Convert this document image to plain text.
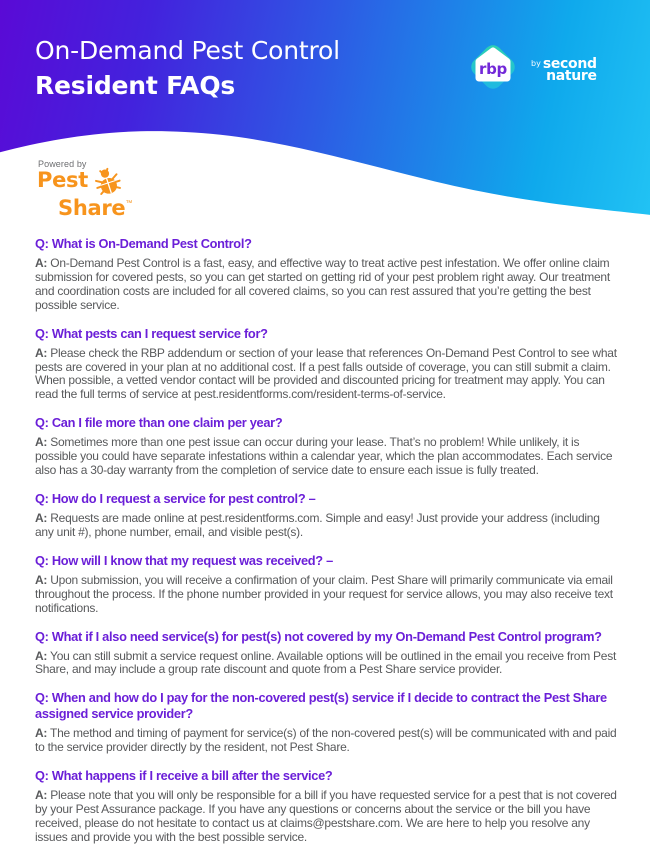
On-Demand Pest Control
Resident FAQs
rbp	by second
nature
Powered by
Pest
Share ™
Q: What is On-Demand Pest Control?

A: On-Demand Pest Control is a fast, easy, and effective way to treat active pest infestation. We offer online claim submission for covered pests, so you can get started on getting rid of your pest problem right away. Our treatment and coordination costs are included for all covered claims, so you can rest assured that you’re getting the best possible service.

Q: What pests can I request service for?

A: Please check the RBP addendum or section of your lease that references On-Demand Pest Control to see what pests are covered in your plan at no additional cost. If a pest falls outside of coverage, you can still submit a claim. When possible, a vetted vendor contact will be provided and discounted pricing for treatment may apply. You can read the full terms of service at pest.residentforms.com/resident-terms-of-service.

Q: Can I file more than one claim per year?

A: Sometimes more than one pest issue can occur during your lease. That’s no problem! While unlikely, it is possible you could have separate infestations within a calendar year, which the plan accommodates. Each service also has a 30-day warranty from the completion of service date to ensure each issue is fully treated.

Q: How do I request a service for pest control? –

A: Requests are made online at pest.residentforms.com. Simple and easy! Just provide your address (including any unit #), phone number, email, and visible pest(s).

Q: How will I know that my request was received? –

A: Upon submission, you will receive a confirmation of your claim. Pest Share will primarily communicate via email throughout the process. If the phone number provided in your request for service allows, you may also receive text notifications.

Q: What if I also need service(s) for pest(s) not covered by my On-Demand Pest Control program?

A: You can still submit a service request online. Available options will be outlined in the email you receive from Pest Share, and may include a group rate discount and quote from a Pest Share service provider.

Q: When and how do I pay for the non-covered pest(s) service if I decide to contract the Pest Share assigned service provider?

A: The method and timing of payment for service(s) of the non-covered pest(s) will be communicated with and paid to the service provider directly by the resident, not Pest Share.

Q: What happens if I receive a bill after the service?

A: Please note that you will only be responsible for a bill if you have requested service for a pest that is not covered by your Pest Assurance package. If you have any questions or concerns about the service or the bill you have received, please do not hesitate to contact us at claims@pestshare.com. We are here to help you resolve any issues and provide you with the best possible service.
